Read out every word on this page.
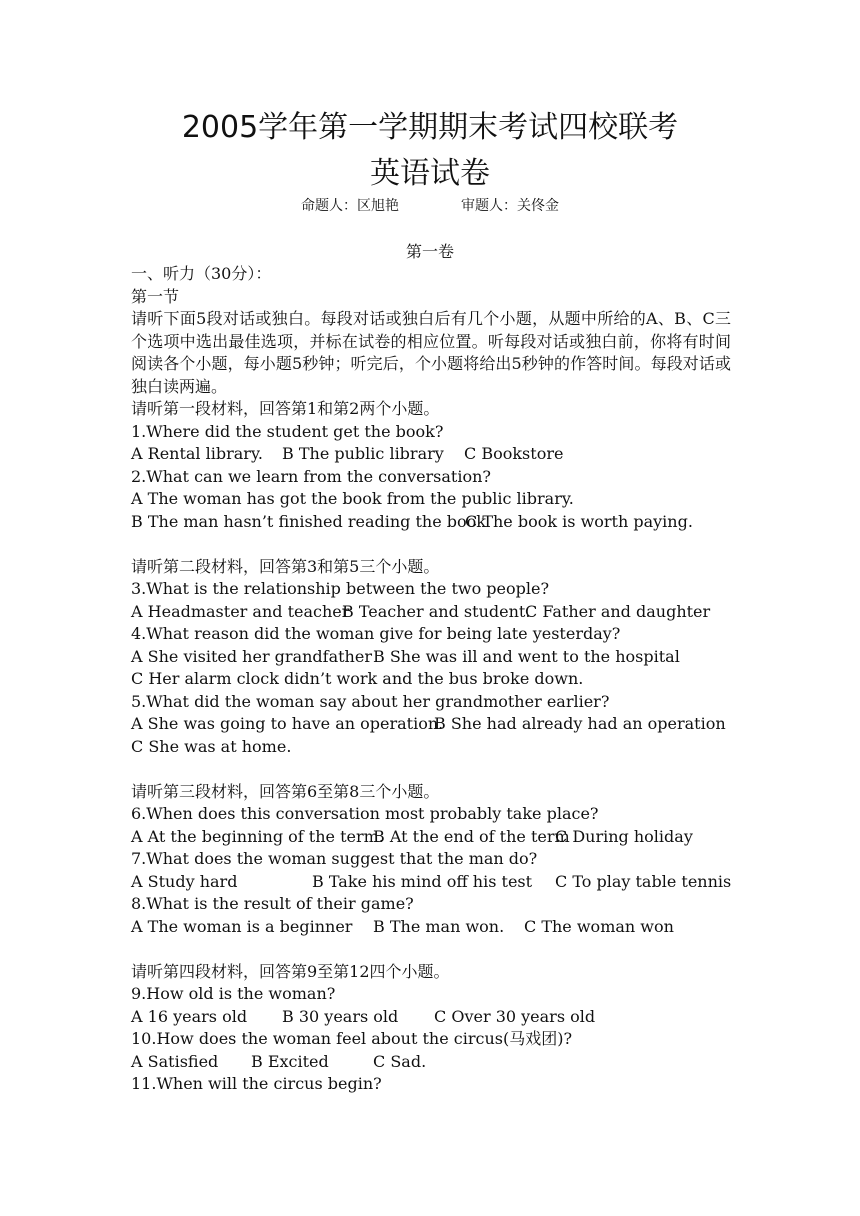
2005学年第一学期期末考试四校联考
英语试卷
命题人：区旭艳	审题人：关佟金
第一卷
一、听力（30分）：
第一节
请听下面5段对话或独白。每段对话或独白后有几个小题，从题中所给的A、B、C三个选项中选出最佳选项，并标在试卷的相应位置。听每段对话或独白前，你将有时间阅读各个小题，每小题5秒钟；听完后，个小题将给出5秒钟的作答时间。每段对话或独白读两遍。
请听第一段材料，回答第1和第2两个小题。
1.Where did the student get the book?
A Rental library. B The public library C Bookstore
2.What can we learn from the conversation?
A The woman has got the book from the public library.
B The man hasn’t finished reading the book
C The book is worth paying.
请听第二段材料，回答第3和第5三个小题。
3.What is the relationship between the two people?
A Headmaster and teacher
B Teacher and student.
C Father and daughter
4.What reason did the woman give for being late yesterday?
A She visited her grandfather B She was ill and went to the hospital
C Her alarm clock didn’t work and the bus broke down.
5.What did the woman say about her grandmother earlier?
A She was going to have an operation.
B She had already had an operation
C She was at home.
请听第三段材料，回答第6至第8三个小题。
6.When does this conversation most probably take place?
A At the beginning of the term.
B At the end of the term
C During holiday
7.What does the woman suggest that the man do?
A Study hard	B Take his mind off his test C To play table tennis
8.What is the result of their game?
A The woman is a beginner B The man won. C The woman won
请听第四段材料，回答第9至第12四个小题。
9.How old is the woman?
A 16 years old B 30 years old C Over 30 years old
10.How does the woman feel about the circus(马戏团)?
A Satisfied B Excited	C Sad.
11.When will the circus begin?
